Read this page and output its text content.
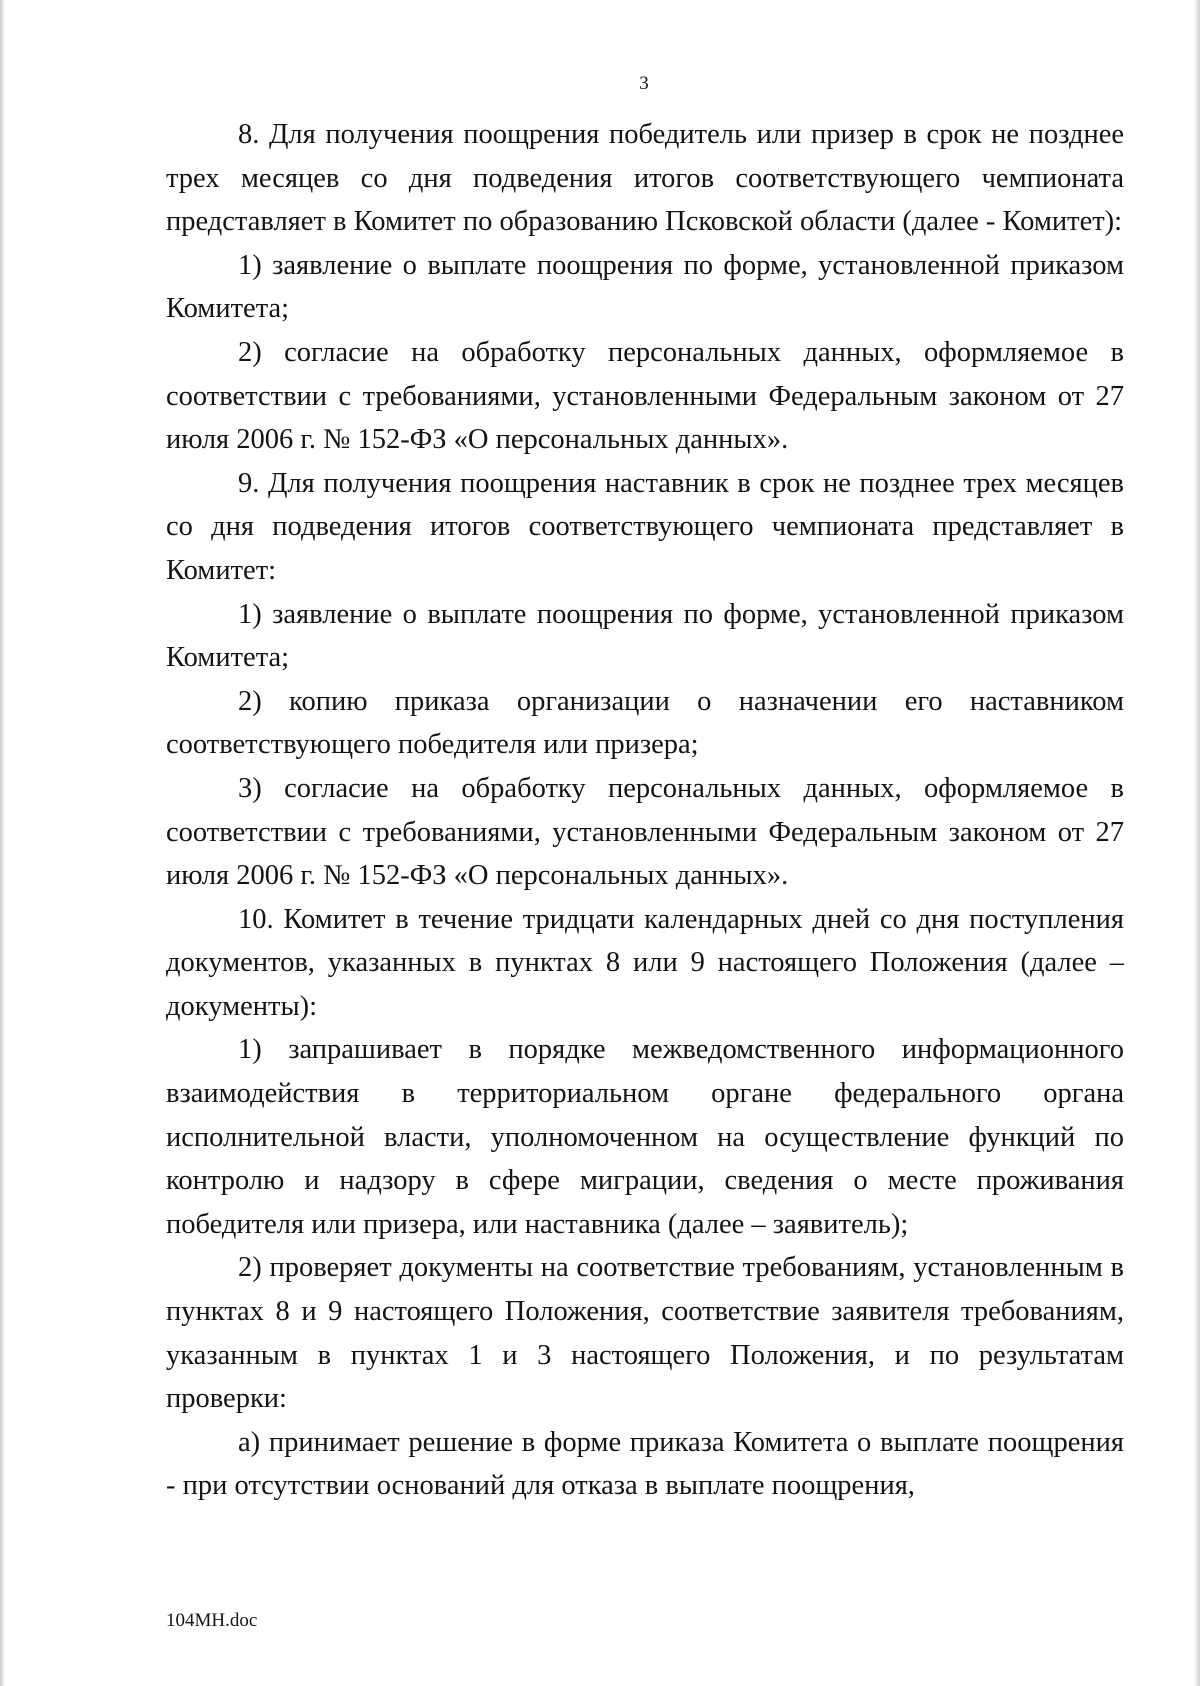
3

8. Для получения поощрения победитель или призер в срок не позднее трех месяцев со дня подведения итогов соответствующего чемпионата представляет в Комитет по образованию Псковской области (далее - Комитет):

1) заявление о выплате поощрения по форме, установленной приказом Комитета;

2) согласие на обработку персональных данных, оформляемое в соответствии с требованиями, установленными Федеральным законом от 27 июля 2006 г. № 152-ФЗ «О персональных данных».

9. Для получения поощрения наставник в срок не позднее трех месяцев со дня подведения итогов соответствующего чемпионата представляет в Комитет:

1) заявление о выплате поощрения по форме, установленной приказом Комитета;

2) копию приказа организации о назначении его наставником соответствующего победителя или призера;

3) согласие на обработку персональных данных, оформляемое в соответствии с требованиями, установленными Федеральным законом от 27 июля 2006 г. № 152-ФЗ «О персональных данных».

10. Комитет в течение тридцати календарных дней со дня поступления документов, указанных в пунктах 8 или 9 настоящего Положения (далее – документы):

1) запрашивает в порядке межведомственного информационного взаимодействия в территориальном органе федерального органа исполнительной власти, уполномоченном на осуществление функций по контролю и надзору в сфере миграции, сведения о месте проживания победителя или призера, или наставника (далее – заявитель);

2) проверяет документы на соответствие требованиям, установленным в пунктах 8 и 9 настоящего Положения, соответствие заявителя требованиям, указанным в пунктах 1 и 3 настоящего Положения, и по результатам проверки:

а) принимает решение в форме приказа Комитета о выплате поощрения - при отсутствии оснований для отказа в выплате поощрения,

104MH.doc
